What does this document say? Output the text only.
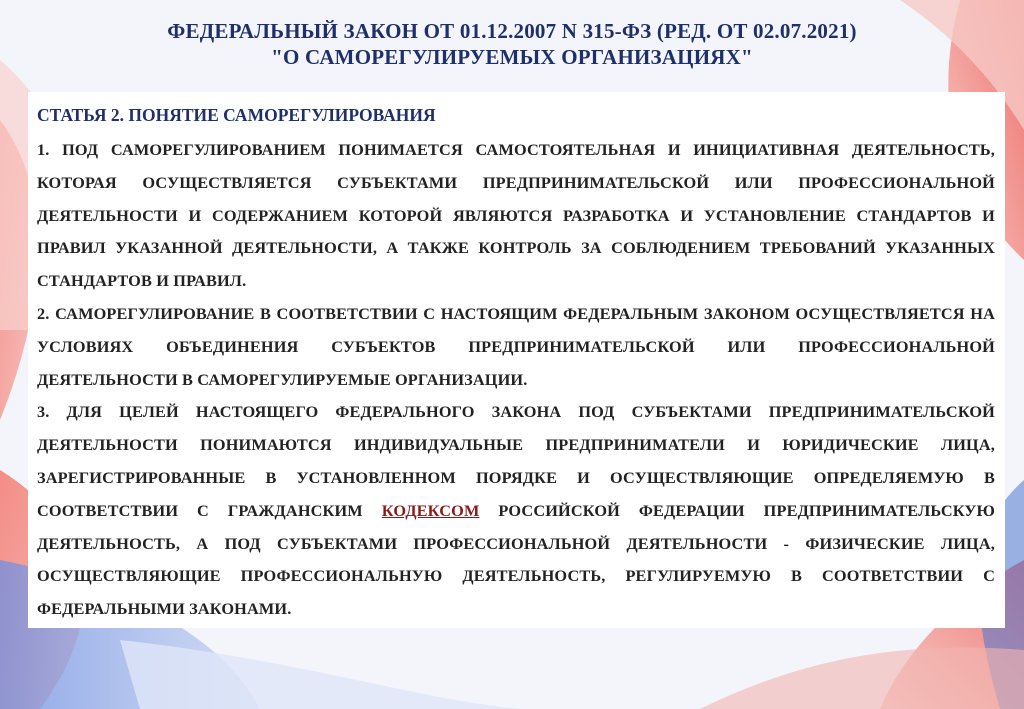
ФЕДЕРАЛЬНЫЙ ЗАКОН ОТ 01.12.2007 N 315-ФЗ (РЕД. ОТ 02.07.2021)
"О САМОРЕГУЛИРУЕМЫХ ОРГАНИЗАЦИЯХ"
СТАТЬЯ 2. ПОНЯТИЕ САМОРЕГУЛИРОВАНИЯ

1. ПОД САМОРЕГУЛИРОВАНИЕМ ПОНИМАЕТСЯ САМОСТОЯТЕЛЬНАЯ И ИНИЦИАТИВНАЯ ДЕЯТЕЛЬНОСТЬ, КОТОРАЯ ОСУЩЕСТВЛЯЕТСЯ СУБЪЕКТАМИ ПРЕДПРИНИМАТЕЛЬСКОЙ ИЛИ ПРОФЕССИОНАЛЬНОЙ ДЕЯТЕЛЬНОСТИ И СОДЕРЖАНИЕМ КОТОРОЙ ЯВЛЯЮТСЯ РАЗРАБОТКА И УСТАНОВЛЕНИЕ СТАНДАРТОВ И ПРАВИЛ УКАЗАННОЙ ДЕЯТЕЛЬНОСТИ, А ТАКЖЕ КОНТРОЛЬ ЗА СОБЛЮДЕНИЕМ ТРЕБОВАНИЙ УКАЗАННЫХ СТАНДАРТОВ И ПРАВИЛ.

2. САМОРЕГУЛИРОВАНИЕ В СООТВЕТСТВИИ С НАСТОЯЩИМ ФЕДЕРАЛЬНЫМ ЗАКОНОМ ОСУЩЕСТВЛЯЕТСЯ НА УСЛОВИЯХ ОБЪЕДИНЕНИЯ СУБЪЕКТОВ ПРЕДПРИНИМАТЕЛЬСКОЙ ИЛИ ПРОФЕССИОНАЛЬНОЙ ДЕЯТЕЛЬНОСТИ В САМОРЕГУЛИРУЕМЫЕ ОРГАНИЗАЦИИ.

3. ДЛЯ ЦЕЛЕЙ НАСТОЯЩЕГО ФЕДЕРАЛЬНОГО ЗАКОНА ПОД СУБЪЕКТАМИ ПРЕДПРИНИМАТЕЛЬСКОЙ ДЕЯТЕЛЬНОСТИ ПОНИМАЮТСЯ ИНДИВИДУАЛЬНЫЕ ПРЕДПРИНИМАТЕЛИ И ЮРИДИЧЕСКИЕ ЛИЦА, ЗАРЕГИСТРИРОВАННЫЕ В УСТАНОВЛЕННОМ ПОРЯДКЕ И ОСУЩЕСТВЛЯЮЩИЕ ОПРЕДЕЛЯЕМУЮ В СООТВЕТСТВИИ С ГРАЖДАНСКИМ КОДЕКСОМ РОССИЙСКОЙ ФЕДЕРАЦИИ ПРЕДПРИНИМАТЕЛЬСКУЮ ДЕЯТЕЛЬНОСТЬ, А ПОД СУБЪЕКТАМИ ПРОФЕССИОНАЛЬНОЙ ДЕЯТЕЛЬНОСТИ - ФИЗИЧЕСКИЕ ЛИЦА, ОСУЩЕСТВЛЯЮЩИЕ ПРОФЕССИОНАЛЬНУЮ ДЕЯТЕЛЬНОСТЬ, РЕГУЛИРУЕМУЮ В СООТВЕТСТВИИ С ФЕДЕРАЛЬНЫМИ ЗАКОНАМИ.
